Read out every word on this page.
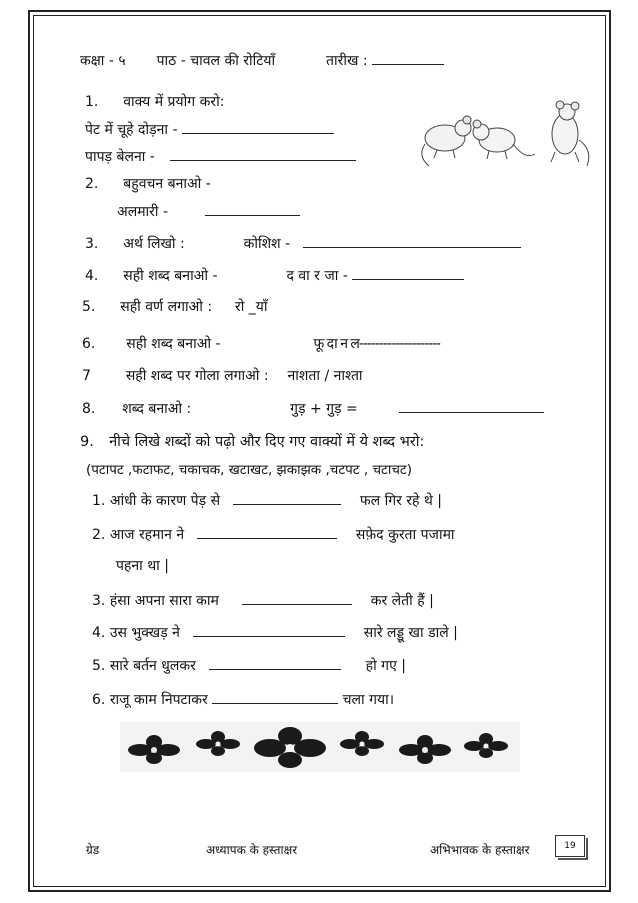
कक्षा - ५ पाठ - चावल की रोटियाँ	तारीख :
1. वाक्य में प्रयोग करो:
पेट में चूहे दोड़ना -
पापड़ बेलना -
2. बहुवचन बनाओ -
अलमारी -
3. अर्थ लिखो :	कोशिश -
4. सही शब्द बनाओ -	द वा र जा -
5. सही वर्ण लगाओ : रो _याँ
6. सही शब्द बनाओ -	फू दा न ल--------------------
7 सही शब्द पर गोला लगाओ : नाशता / नाश्ता
8. शब्द बनाओ :	गुड़ + गुड़ =
9. नीचे लिखे शब्दों को पढ़ो और दिए गए वाक्यों में ये शब्द भरो:
(पटापट ,फटाफट, चकाचक, खटाखट, झकाझक ,चटपट , चटाचट)
1. आंधी के कारण पेड़ से	फल गिर रहे थे |
2. आज रहमान ने	सफ़ेद कुरता पजामा
पहना था |
3. हंसा अपना सारा काम	कर लेती हैं |
4. उस भुक्खड़ ने	सारे लड्डू खा डाले |
5. सारे बर्तन धुलकर	हो गए |
6. राजू काम निपटाकर	चला गया।
ग्रेड	अध्यापक के हस्ताक्षर	अभिभावक के हस्ताक्षर	19
